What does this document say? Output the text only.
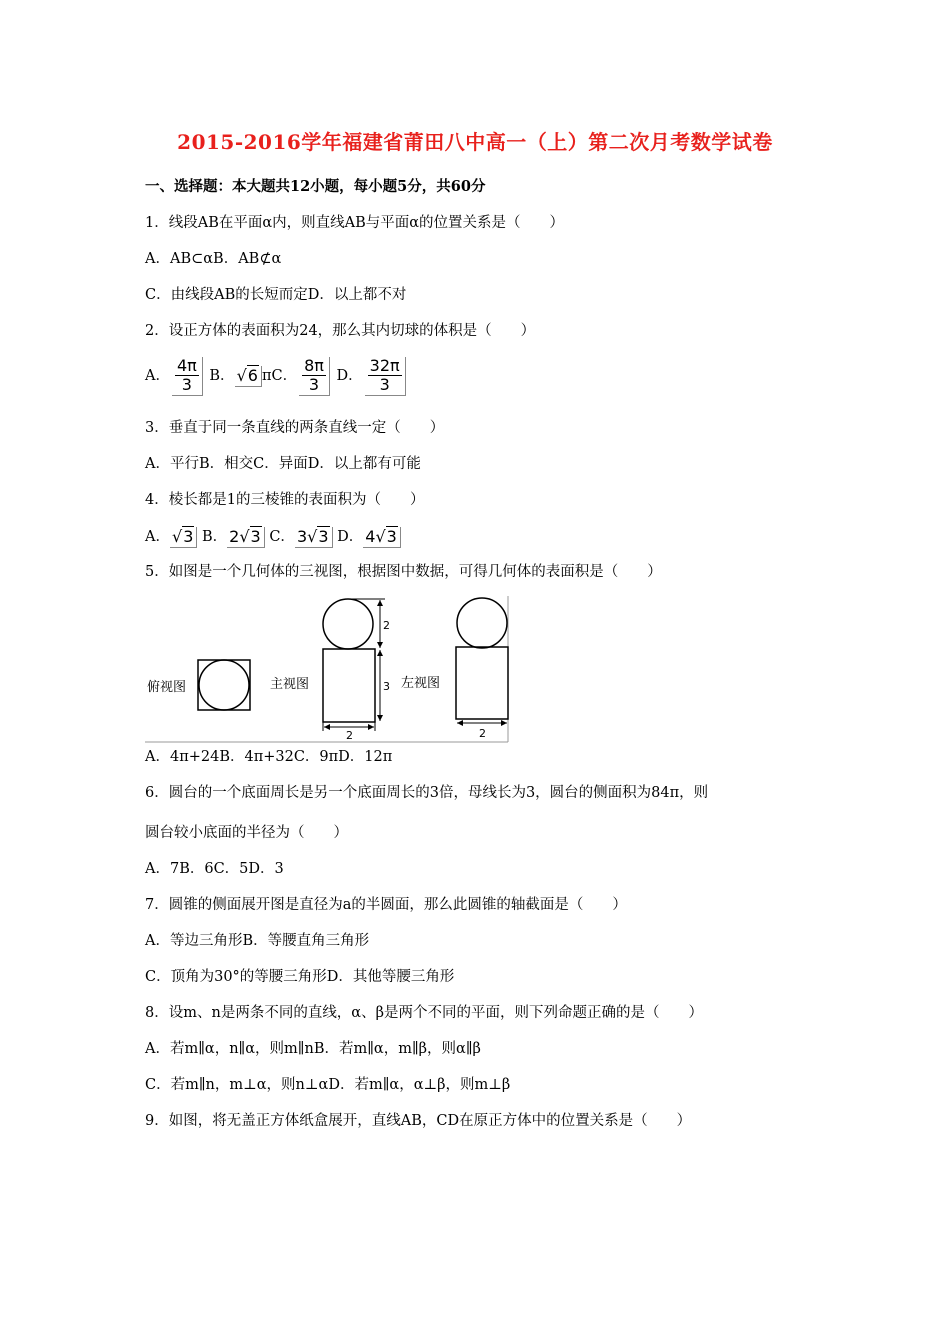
2015-2016学年福建省莆田八中高一（上）第二次月考数学试卷
一、选择题：本大题共12小题，每小题5分，共60分
1．线段AB在平面α内，则直线AB与平面α的位置关系是（　　）
A．AB⊂αB．AB⊄α
C．由线段AB的长短而定D．以上都不对
2．设正方体的表面积为24，那么其内切球的体积是（　　）
A． $\frac{4\pi}{3}$ B． √6 πC． $\frac{8\pi}{3}$ D． $\frac{32\pi}{3}$
3．垂直于同一条直线的两条直线一定（　　）
A．平行B．相交C．异面D．以上都有可能
4．棱长都是1的三棱锥的表面积为（　　）
A． √3 B． 2√3 C． 3√3 D． 4√3
5．如图是一个几何体的三视图，根据图中数据，可得几何体的表面积是（　　）
俯视图	主视图
2
3
2
左视图
2
A．4π+24B．4π+32C．9πD．12π
6．圆台的一个底面周长是另一个底面周长的3倍，母线长为3，圆台的侧面积为84π，则
圆台较小底面的半径为（　　）
A．7B．6C．5D．3
7．圆锥的侧面展开图是直径为a的半圆面，那么此圆锥的轴截面是（　　）
A．等边三角形B．等腰直角三角形
C．顶角为30°的等腰三角形D．其他等腰三角形
8．设m、n是两条不同的直线，α、β是两个不同的平面，则下列命题正确的是（　　）
A．若m∥α，n∥α，则m∥nB．若m∥α，m∥β，则α∥β
C．若m∥n，m⊥α，则n⊥αD．若m∥α，α⊥β，则m⊥β
9．如图，将无盖正方体纸盒展开，直线AB，CD在原正方体中的位置关系是（　　）
